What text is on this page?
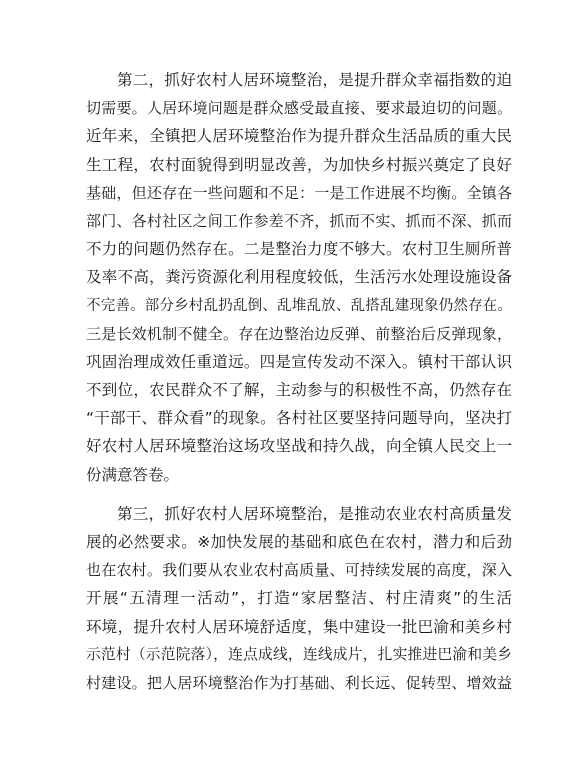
第二，抓好农村人居环境整治，是提升群众幸福指数的迫
切需要。人居环境问题是群众感受最直接、要求最迫切的问题。
近年来，全镇把人居环境整治作为提升群众生活品质的重大民
生工程，农村面貌得到明显改善，为加快乡村振兴奠定了良好
基础，但还存在一些问题和不足：一是工作进展不均衡。全镇各
部门、各村社区之间工作参差不齐，抓而不实、抓而不深、抓而
不力的问题仍然存在。二是整治力度不够大。农村卫生厕所普
及率不高，粪污资源化利用程度较低，生活污水处理设施设备
不完善。部分乡村乱扔乱倒、乱堆乱放、乱搭乱建现象仍然存在。
三是长效机制不健全。存在边整治边反弹、前整治后反弹现象，
巩固治理成效任重道远。四是宣传发动不深入。镇村干部认识
不到位，农民群众不了解，主动参与的积极性不高，仍然存在
“干部干、群众看”的现象。各村社区要坚持问题导向，坚决打
好农村人居环境整治这场攻坚战和持久战，向全镇人民交上一
份满意答卷。
第三，抓好农村人居环境整治，是推动农业农村高质量发
展的必然要求。※加快发展的基础和底色在农村，潜力和后劲
也在农村。我们要从农业农村高质量、可持续发展的高度，深入
开展“五清理一活动”，打造“家居整洁、村庄清爽”的生活
环境，提升农村人居环境舒适度，集中建设一批巴渝和美乡村
示范村（示范院落），连点成线，连线成片，扎实推进巴渝和美乡
村建设。把人居环境整治作为打基础、利长远、促转型、增效益
